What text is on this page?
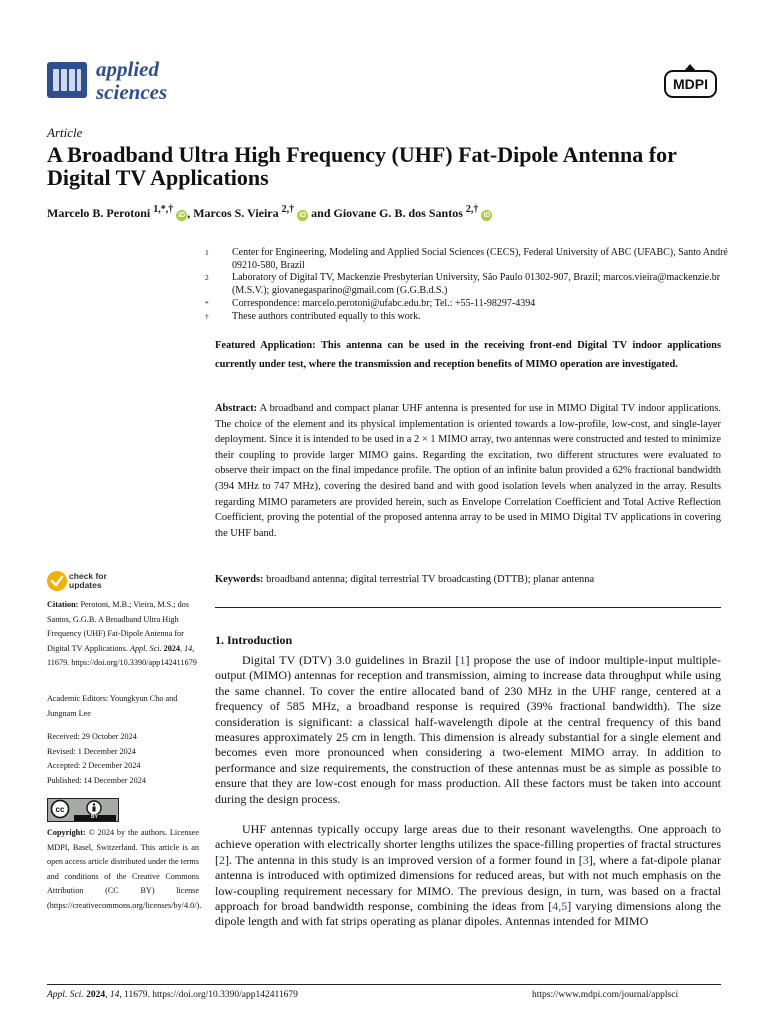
applied
sciences	MDPI
Article
A Broadband Ultra High Frequency (UHF) Fat-Dipole Antenna for Digital TV Applications
Marcelo B. Perotoni $^{1,*,\dagger}$ iD , Marcos S. Vieira $^{2,\dagger}$ iD and Giovane G. B. dos Santos $^{2,\dagger}$ iD
1 Center for Engineering, Modeling and Applied Social Sciences (CECS), Federal University of ABC (UFABC), Santo André 09210-580, Brazil
2 Laboratory of Digital TV, Mackenzie Presbyterian University, São Paulo 01302-907, Brazil; marcos.vieira@mackenzie.br (M.S.V.); giovanegasparino@gmail.com (G.G.B.d.S.)
* Correspondence: marcelo.perotoni@ufabc.edu.br; Tel.: +55-11-98297-4394
† These authors contributed equally to this work.
Featured Application: This antenna can be used in the receiving front-end Digital TV indoor applications currently under test, where the transmission and reception benefits of MIMO operation are investigated.
Abstract: A broadband and compact planar UHF antenna is presented for use in MIMO Digital TV indoor applications. The choice of the element and its physical implementation is oriented towards a low-profile, low-cost, and single-layer deployment. Since it is intended to be used in a 2 × 1 MIMO array, two antennas were constructed and tested to minimize their coupling to provide larger MIMO gains. Regarding the excitation, two different structures were evaluated to observe their impact on the final impedance profile. The option of an infinite balun provided a 62% fractional bandwidth (394 MHz to 747 MHz), covering the desired band and with good isolation levels when analyzed in the array. Results regarding MIMO parameters are provided herein, such as Envelope Correlation Coefficient and Total Active Reflection Coefficient, proving the potential of the proposed antenna array to be used in MIMO Digital TV applications in covering the UHF band.
Keywords: broadband antenna; digital terrestrial TV broadcasting (DTTB); planar antenna
check for
updates
Citation: Perotoni, M.B.; Vieira, M.S.; dos Santos, G.G.B. A Broadband Ultra High Frequency (UHF) Fat-Dipole Antenna for Digital TV Applications. Appl. Sci. 2024, 14, 11679. https://doi.org/10.3390/app142411679
Academic Editors: Youngkyun Cho and Jungnam Lee
Received: 29 October 2024
Revised: 1 December 2024
Accepted: 2 December 2024
Published: 14 December 2024
cc
BY
Copyright: © 2024 by the authors. Licensee MDPI, Basel, Switzerland. This article is an open access article distributed under the terms and conditions of the Creative Commons Attribution (CC BY) license (https://creativecommons.org/licenses/by/4.0/).
1. Introduction
Digital TV (DTV) 3.0 guidelines in Brazil [1] propose the use of indoor multiple-input multiple-output (MIMO) antennas for reception and transmission, aiming to increase data throughput while using the same channel. To cover the entire allocated band of 230 MHz in the UHF range, centered at a frequency of 585 MHz, a broadband response is required (39% fractional bandwidth). The size consideration is significant: a classical half-wavelength dipole at the central frequency of this band measures approximately 25 cm in length. This dimension is already substantial for a single element and becomes even more pronounced when considering a two-element MIMO array. In addition to performance and size requirements, the construction of these antennas must be as simple as possible to ensure that they are low-cost enough for mass production. All these factors must be taken into account during the design process.
UHF antennas typically occupy large areas due to their resonant wavelengths. One approach to achieve operation with electrically shorter lengths utilizes the space-filling properties of fractal structures [2]. The antenna in this study is an improved version of a former found in [3], where a fat-dipole planar antenna is introduced with optimized dimensions for reduced areas, but with not much emphasis on the low-coupling requirement necessary for MIMO. The previous design, in turn, was based on a fractal approach for broad bandwidth response, combining the ideas from [4,5] varying dimensions along the dipole length and with fat strips operating as planar dipoles. Antennas intended for MIMO
Appl. Sci. 2024, 14, 11679. https://doi.org/10.3390/app142411679	https://www.mdpi.com/journal/applsci
